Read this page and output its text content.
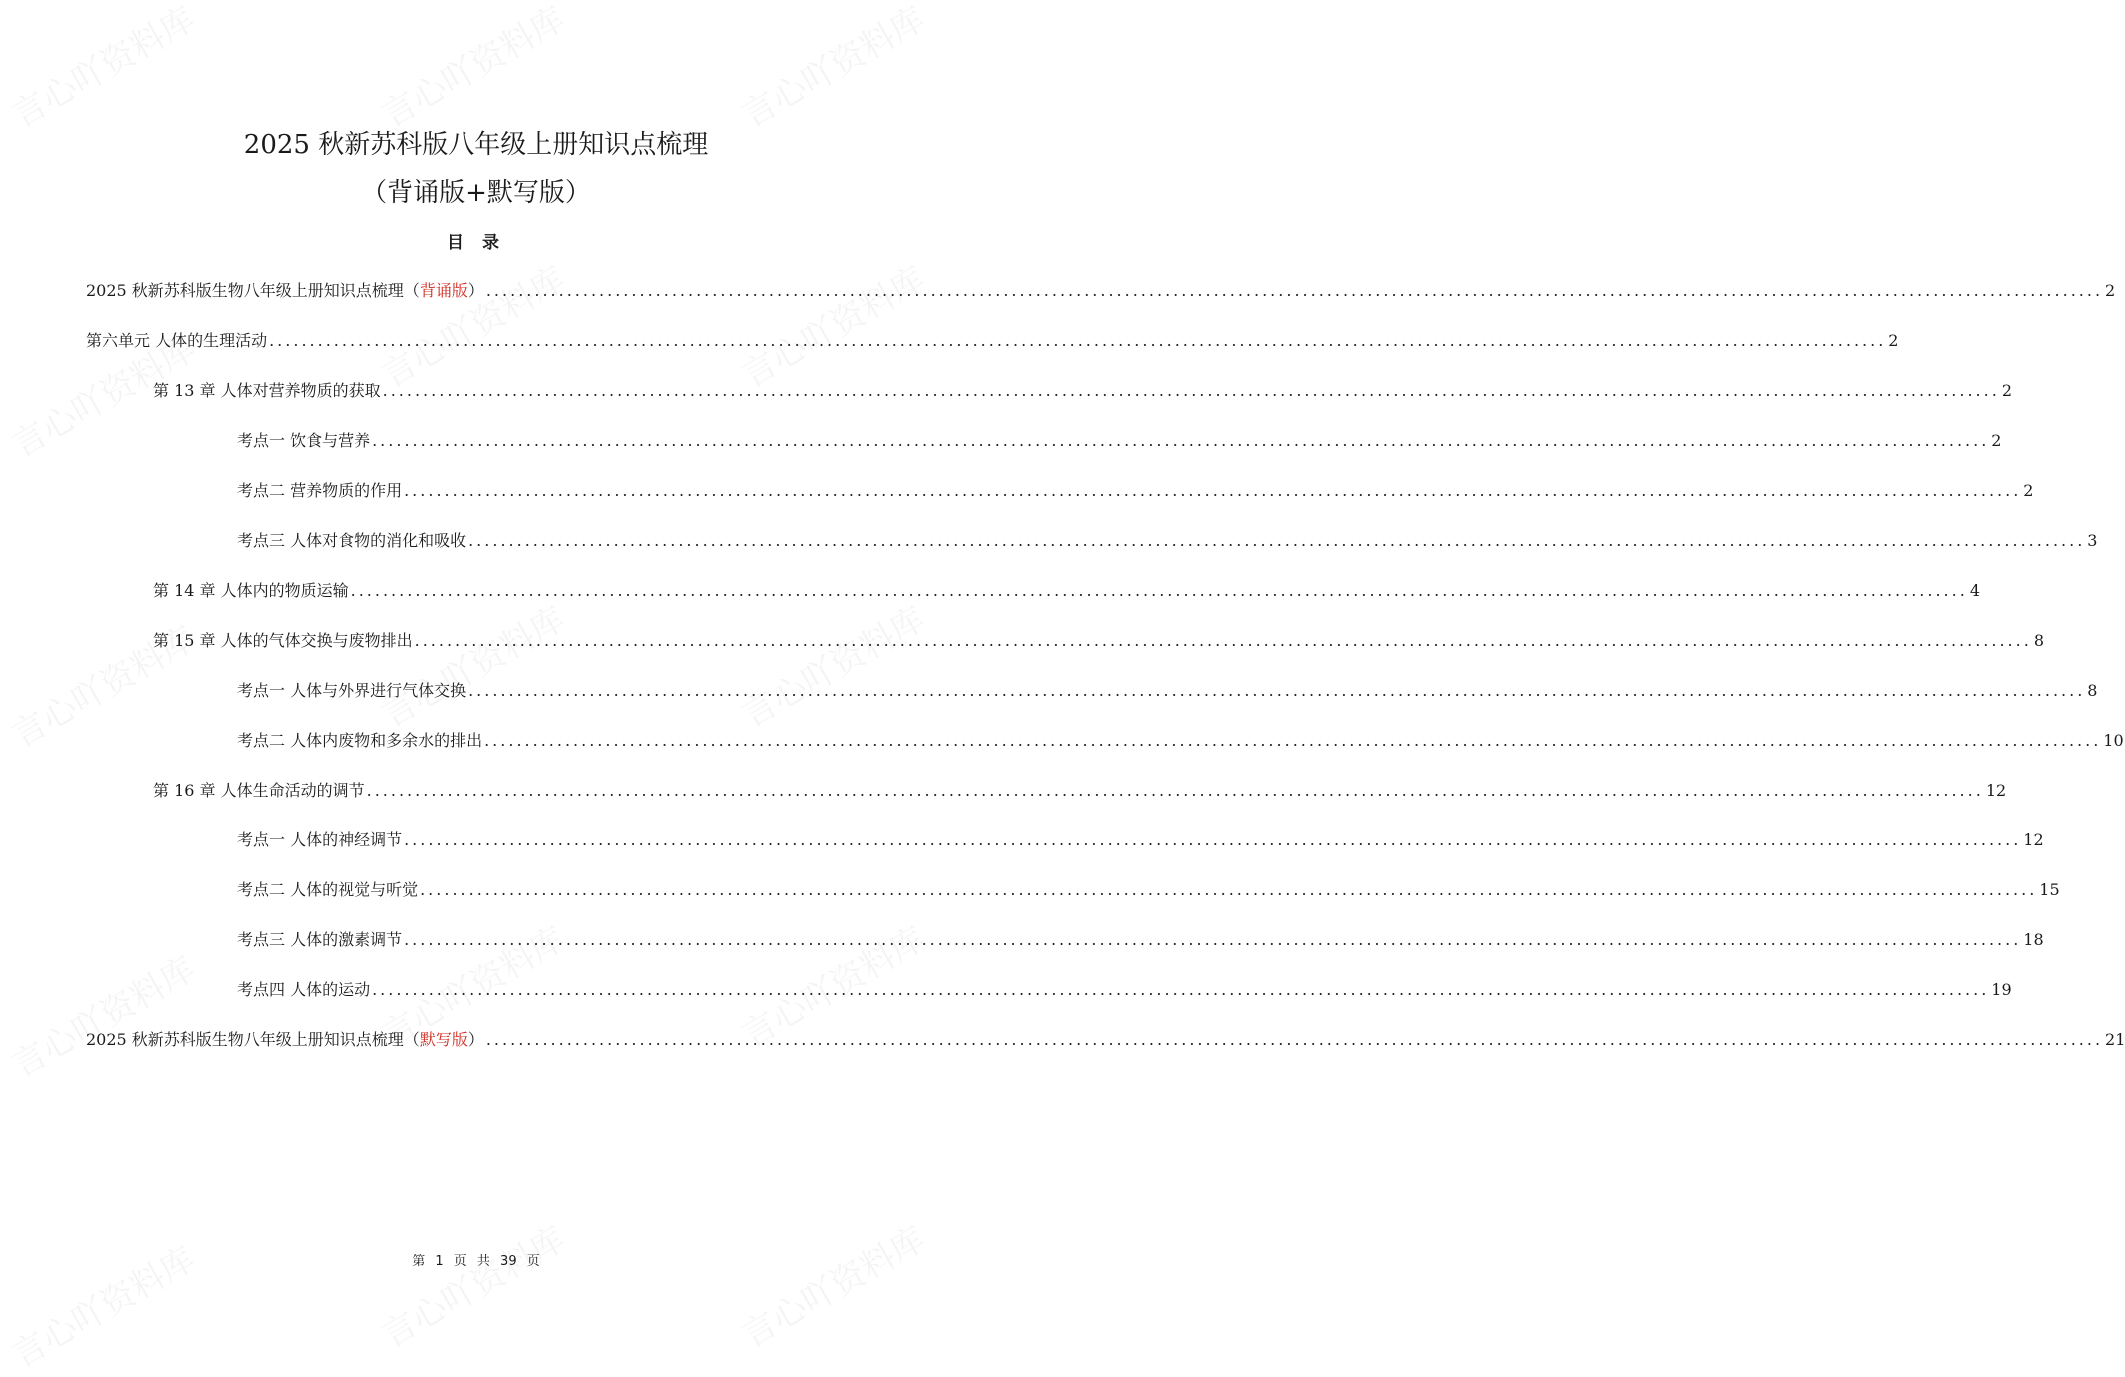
2025 秋新苏科版八年级上册知识点梳理
（背诵版+默写版）
目 录
2025 秋新苏科版生物八年级上册知识点梳理（背诵版） ........................................................................................................................................................................................................ 2
第六单元 人体的生理活动 ........................................................................................................................................................................................................ 2
第 13 章 人体对营养物质的获取 ........................................................................................................................................................................................................ 2
考点一 饮食与营养 ........................................................................................................................................................................................................ 2
考点二 营养物质的作用 ........................................................................................................................................................................................................ 2
考点三 人体对食物的消化和吸收 ........................................................................................................................................................................................................ 3
第 14 章 人体内的物质运输 ........................................................................................................................................................................................................ 4
第 15 章 人体的气体交换与废物排出 ........................................................................................................................................................................................................ 8
考点一 人体与外界进行气体交换 ........................................................................................................................................................................................................ 8
考点二 人体内废物和多余水的排出 ........................................................................................................................................................................................................ 10
第 16 章 人体生命活动的调节 ........................................................................................................................................................................................................ 12
考点一 人体的神经调节 ........................................................................................................................................................................................................ 12
考点二 人体的视觉与听觉 ........................................................................................................................................................................................................ 15
考点三 人体的激素调节 ........................................................................................................................................................................................................ 18
考点四 人体的运动 ........................................................................................................................................................................................................ 19
2025 秋新苏科版生物八年级上册知识点梳理（默写版） ........................................................................................................................................................................................................ 21
第 1 页 共 39 页
